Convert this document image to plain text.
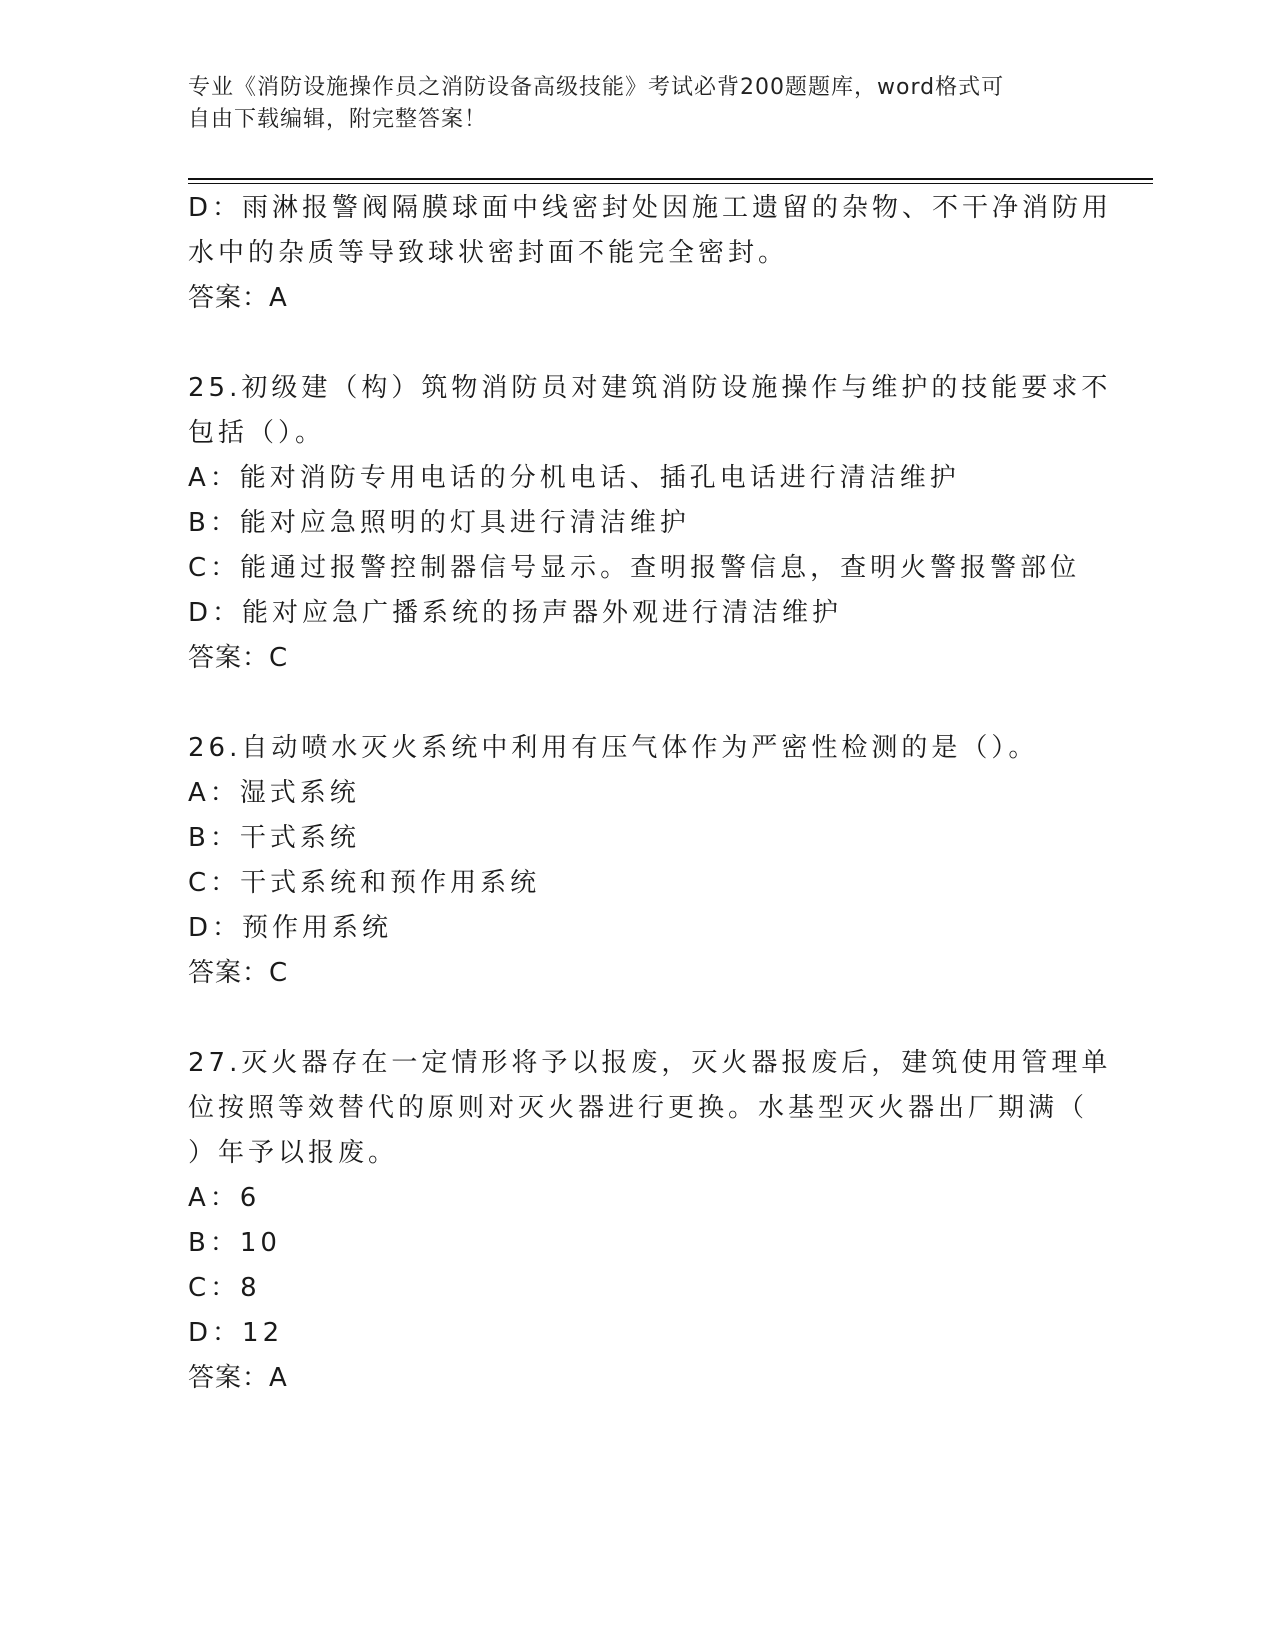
专业《消防设施操作员之消防设备高级技能》考试必背200题题库，word格式可
自由下载编辑，附完整答案！
D：雨淋报警阀隔膜球面中线密封处因施工遗留的杂物、不干净消防用
水中的杂质等导致球状密封面不能完全密封。
答案：A
25.初级建（构）筑物消防员对建筑消防设施操作与维护的技能要求不
包括（）。
A：能对消防专用电话的分机电话、插孔电话进行清洁维护
B：能对应急照明的灯具进行清洁维护
C：能通过报警控制器信号显示。查明报警信息，查明火警报警部位
D：能对应急广播系统的扬声器外观进行清洁维护
答案：C
26.自动喷水灭火系统中利用有压气体作为严密性检测的是（）。
A：湿式系统
B：干式系统
C：干式系统和预作用系统
D：预作用系统
答案：C
27.灭火器存在一定情形将予以报废，灭火器报废后，建筑使用管理单
位按照等效替代的原则对灭火器进行更换。水基型灭火器出厂期满（
）年予以报废。
A：6
B：10
C：8
D：12
答案：A
